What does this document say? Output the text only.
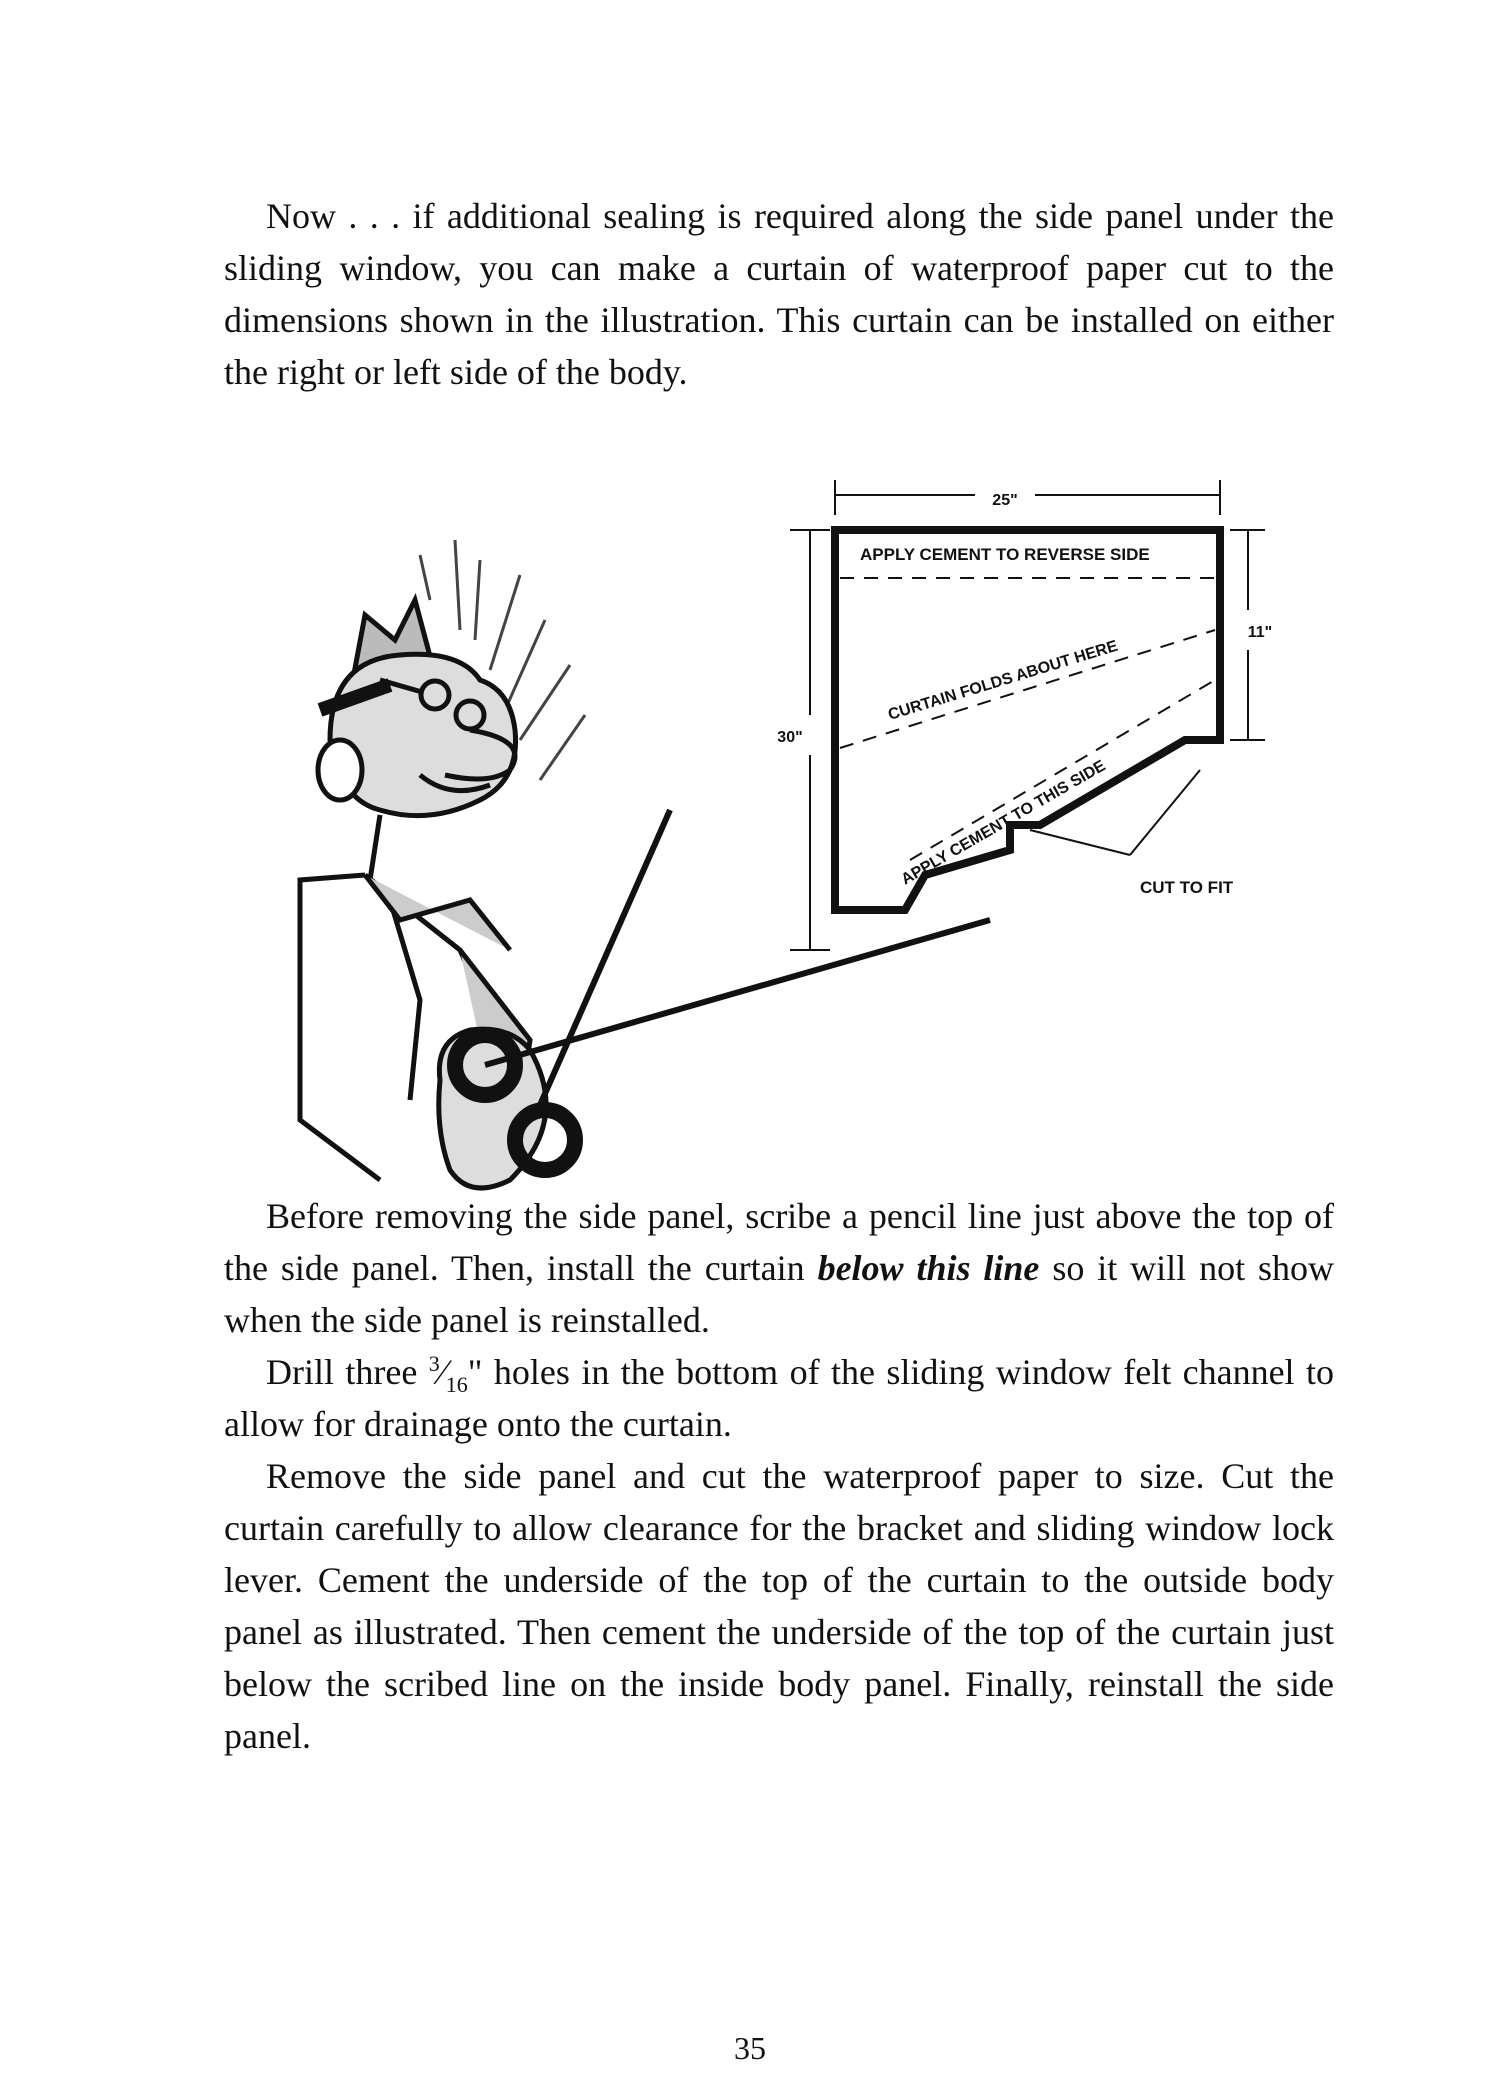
Now . . . if additional sealing is required along the side panel under the sliding window, you can make a curtain of waterproof paper cut to the dimensions shown in the illustration. This curtain can be installed on either the right or left side of the body.

25"
30"
11"
APPLY CEMENT TO REVERSE SIDE
CURTAIN FOLDS ABOUT HERE
APPLY CEMENT TO THIS SIDE CUT TO FIT

Before removing the side panel, scribe a pencil line just above the top of the side panel. Then, install the curtain below this line so it will not show when the side panel is reinstalled.

Drill three $^3⁄_{16}$" holes in the bottom of the sliding window felt channel to allow for drainage onto the curtain.

Remove the side panel and cut the waterproof paper to size. Cut the curtain carefully to allow clearance for the bracket and sliding window lock lever. Cement the underside of the top of the curtain to the outside body panel as illustrated. Then cement the underside of the top of the curtain just below the scribed line on the inside body panel. Finally, reinstall the side panel.

35
